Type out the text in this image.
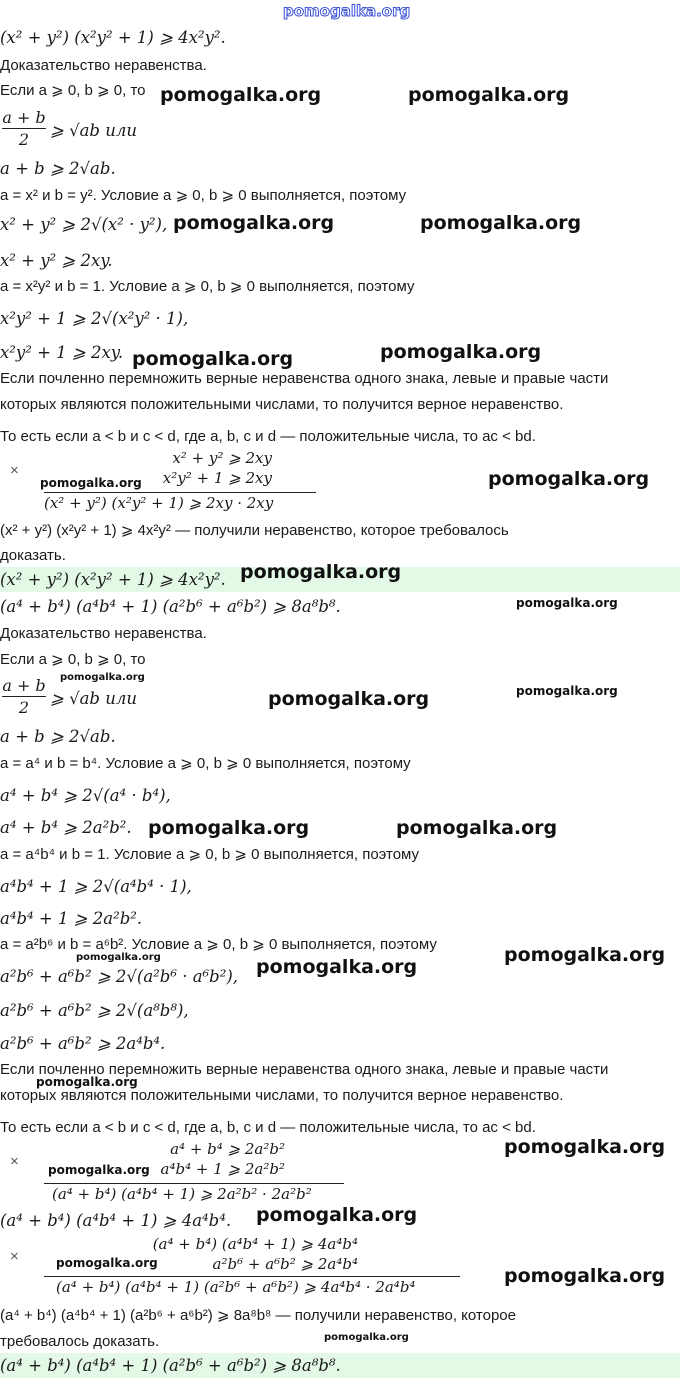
pomogalka.org
(x² + y²) (x²y² + 1) ⩾ 4x²y².
Доказательство неравенства.
Если a ⩾ 0, b ⩾ 0, то
a + b
2	⩾ √ab или
a + b ⩾ 2√ab.
a = x² и b = y². Условие a ⩾ 0, b ⩾ 0 выполняется, поэтому
x² + y² ⩾ 2√(x² · y²),
x² + y² ⩾ 2xy.
a = x²y² и b = 1. Условие a ⩾ 0, b ⩾ 0 выполняется, поэтому
x²y² + 1 ⩾ 2√(x²y² · 1),
x²y² + 1 ⩾ 2xy.
Если почленно перемножить верные неравенства одного знака, левые и правые части
которых являются положительными числами, то получится верное неравенство.
То есть если a < b и c < d, где a, b, c и d — положительные числа, то ac < bd.
×
x² + y² ⩾ 2xy
x²y² + 1 ⩾ 2xy
(x² + y²) (x²y² + 1) ⩾ 2xy · 2xy
(x² + y²) (x²y² + 1) ⩾ 4x²y² — получили неравенство, которое требовалось
доказать.
(x² + y²) (x²y² + 1) ⩾ 4x²y².
(a⁴ + b⁴) (a⁴b⁴ + 1) (a²b⁶ + a⁶b²) ⩾ 8a⁸b⁸.
Доказательство неравенства.
Если a ⩾ 0, b ⩾ 0, то
a + b
2	⩾ √ab или
a + b ⩾ 2√ab.
a = a⁴ и b = b⁴. Условие a ⩾ 0, b ⩾ 0 выполняется, поэтому
a⁴ + b⁴ ⩾ 2√(a⁴ · b⁴),
a⁴ + b⁴ ⩾ 2a²b².
a = a⁴b⁴ и b = 1. Условие a ⩾ 0, b ⩾ 0 выполняется, поэтому
a⁴b⁴ + 1 ⩾ 2√(a⁴b⁴ · 1),
a⁴b⁴ + 1 ⩾ 2a²b².
a = a²b⁶ и b = a⁶b². Условие a ⩾ 0, b ⩾ 0 выполняется, поэтому
a²b⁶ + a⁶b² ⩾ 2√(a²b⁶ · a⁶b²),
a²b⁶ + a⁶b² ⩾ 2√(a⁸b⁸),
a²b⁶ + a⁶b² ⩾ 2a⁴b⁴.
Если почленно перемножить верные неравенства одного знака, левые и правые части
которых являются положительными числами, то получится верное неравенство.
То есть если a < b и c < d, где a, b, c и d — положительные числа, то ac < bd.
×
a⁴ + b⁴ ⩾ 2a²b²
a⁴b⁴ + 1 ⩾ 2a²b²
(a⁴ + b⁴) (a⁴b⁴ + 1) ⩾ 2a²b² · 2a²b²
(a⁴ + b⁴) (a⁴b⁴ + 1) ⩾ 4a⁴b⁴.
×
(a⁴ + b⁴) (a⁴b⁴ + 1) ⩾ 4a⁴b⁴
a²b⁶ + a⁶b² ⩾ 2a⁴b⁴
(a⁴ + b⁴) (a⁴b⁴ + 1) (a²b⁶ + a⁶b²) ⩾ 4a⁴b⁴ · 2a⁴b⁴
(a⁴ + b⁴) (a⁴b⁴ + 1) (a²b⁶ + a⁶b²) ⩾ 8a⁸b⁸ — получили неравенство, которое
требовалось доказать.
(a⁴ + b⁴) (a⁴b⁴ + 1) (a²b⁶ + a⁶b²) ⩾ 8a⁸b⁸.
pomogalka.org	pomogalka.org
pomogalka.org	pomogalka.org
pomogalka.org	pomogalka.org
pomogalka.org	pomogalka.org
pomogalka.org
pomogalka.org
pomogalka.org
pomogalka.org	pomogalka.org
pomogalka.org	pomogalka.org
pomogalka.org	pomogalka.org
pomogalka.org
pomogalka.org
pomogalka.org
pomogalka.org
pomogalka.org
pomogalka.org
pomogalka.org
pomogalka.org
